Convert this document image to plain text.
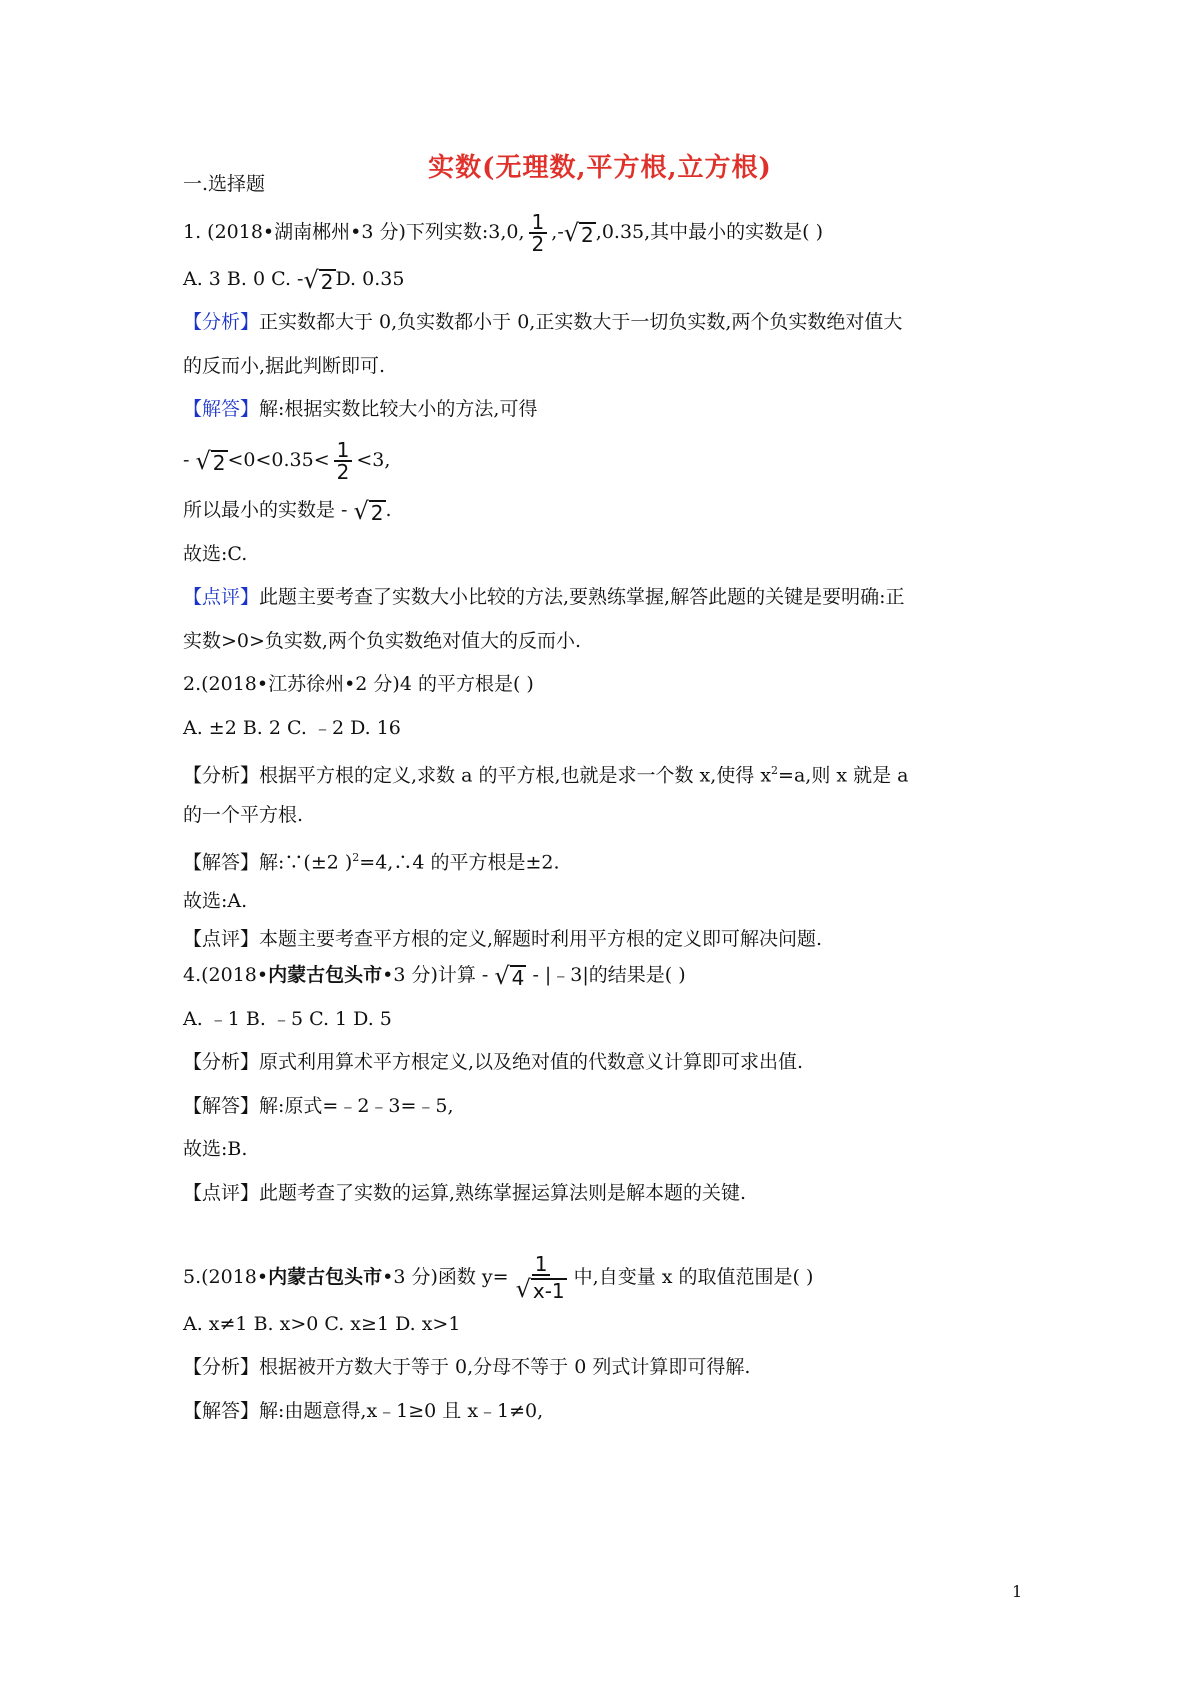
实数(无理数,平方根,立方根)
一.选择题
1. (2018•湖南郴州•3 分)下列实数:3,0, $\frac{1}{2}$ ,- √ 2 ,0.35,其中最小的实数是( )
A. 3 B. 0 C. - √ 2 D. 0.35
【分析】正实数都大于 0,负实数都小于 0,正实数大于一切负实数,两个负实数绝对值大
的反而小,据此判断即可.
【解答】解:根据实数比较大小的方法,可得
- √ $2 <0<0.35< \frac{1}{2} <3$,
所以最小的实数是 - √ 2 .
故选:C.
【点评】此题主要考查了实数大小比较的方法,要熟练掌握,解答此题的关键是要明确:正
实数>0>负实数,两个负实数绝对值大的反而小.
2.(2018•江苏徐州•2 分)4 的平方根是( )
A. ±2 B. 2 C. ﹣2 D. 16
【分析】根据平方根的定义,求数 a 的平方根,也就是求一个数 x,使得 $x^2=a$,则 x 就是 a
的一个平方根.
【解答】解:∵(±2 )$^2$=4,∴4 的平方根是±2.
故选:A.
【点评】本题主要考查平方根的定义,解题时利用平方根的定义即可解决问题.
4.(2018•内蒙古包头市•3 分)计算 - √ 4 - |﹣3|的结果是( )
A. ﹣1 B. ﹣5 C. 1 D. 5
【分析】原式利用算术平方根定义,以及绝对值的代数意义计算即可求出值.
【解答】解:原式=﹣2﹣3=﹣5,
故选:B.
【点评】此题考查了实数的运算,熟练掌握运算法则是解本题的关键.
5.(2018•内蒙古包头市•3 分)函数 $y= \frac{1}{√ x-1}$ 中,自变量 x 的取值范围是( )
A. x≠1 B. x>0 C. x≥1 D. x>1
【分析】根据被开方数大于等于 0,分母不等于 0 列式计算即可得解.
【解答】解:由题意得,x﹣1≥0 且 x﹣1≠0,
1
